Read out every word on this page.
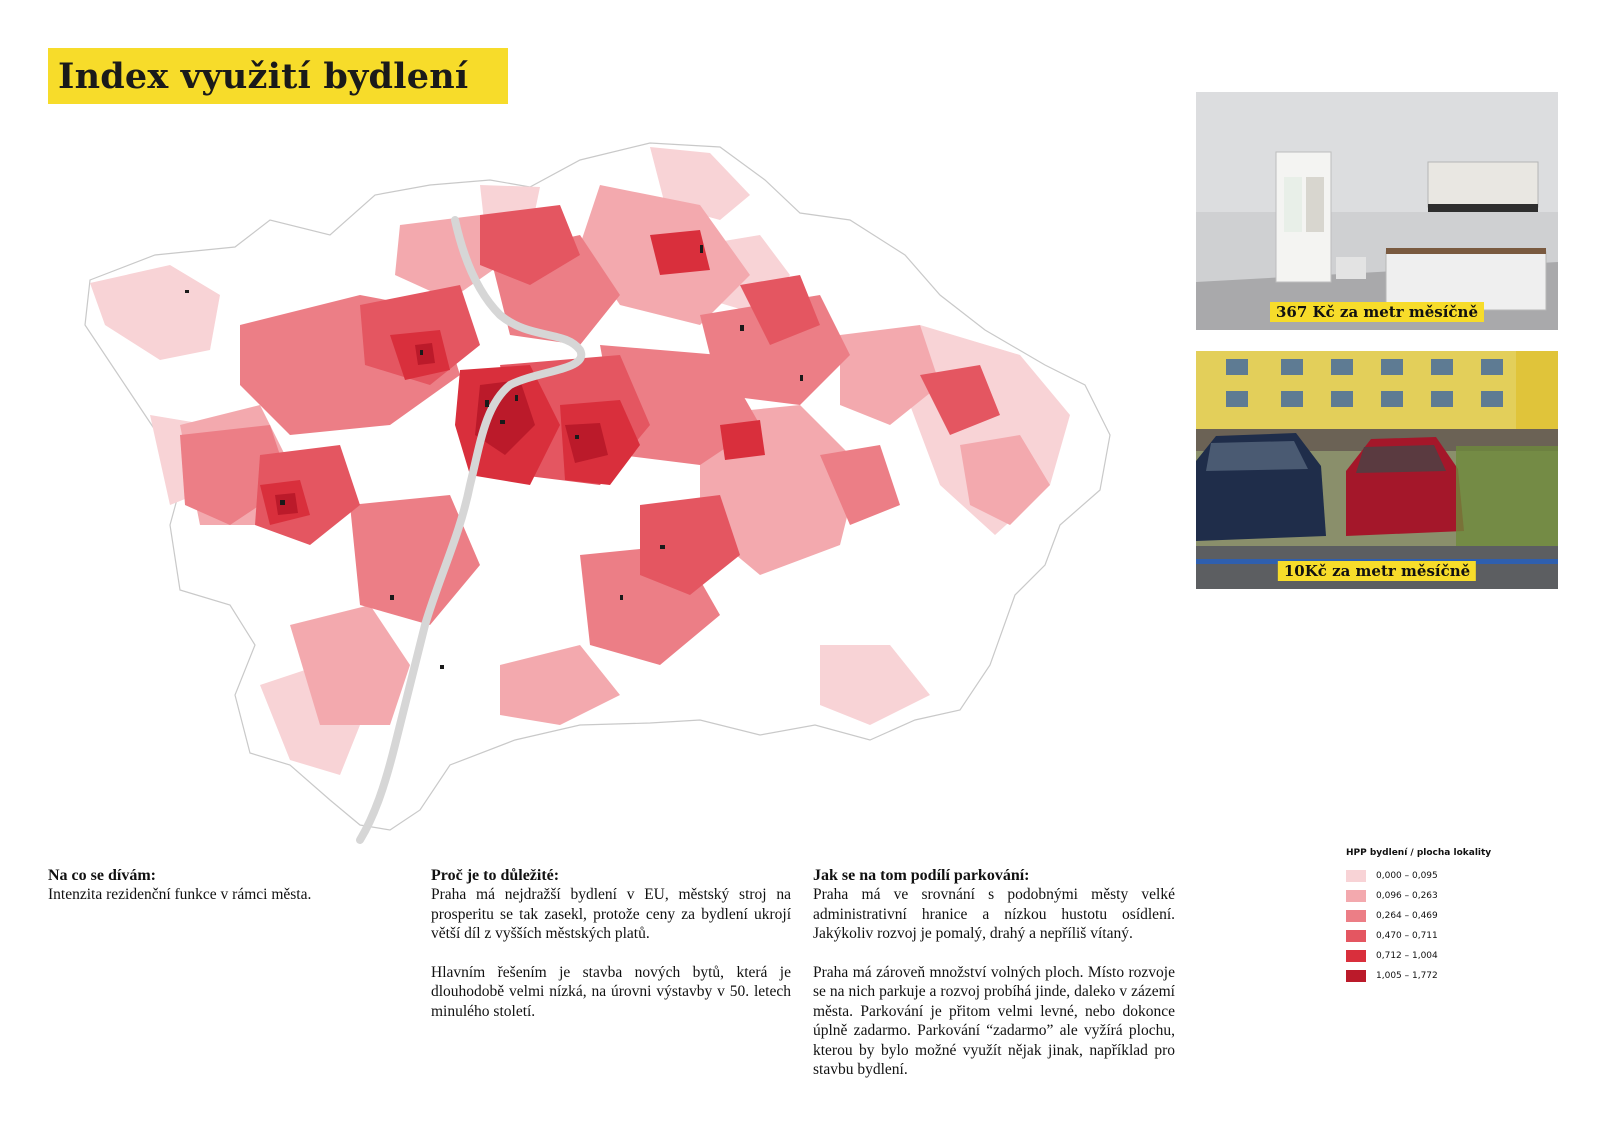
Index využití bydlení
367 Kč za metr měsíčně
10Kč za metr měsíčně
Na co se dívám:

Intenzita rezidenční funkce v rámci města.

Proč je to důležité:

Praha má nejdražší bydlení v EU, městský stroj na prosperitu se tak zasekl, protože ceny za bydlení ukrojí větší díl z vyšších městských platů.

Hlavním řešením je stavba nových bytů, která je dlouhodobě velmi nízká, na úrovni výstavby v 50. letech minulého století.

Jak se na tom podílí parkování:

Praha má ve srovnání s podobnými městy velké administrativní hranice a nízkou hustotu osídlení. Jakýkoliv rozvoj je pomalý, drahý a nepříliš vítaný.

Praha má zároveň množství volných ploch. Místo rozvoje se na nich parkuje a rozvoj probíhá jinde, daleko v zázemí města. Parkování je přitom velmi levné, nebo dokonce úplně zadarmo. Parkování “zadarmo” ale vyžírá plochu, kterou by bylo možné využít nějak jinak, například pro stavbu bydlení.

HPP bydlení / plocha lokality
0,000 – 0,095
0,096 – 0,263
0,264 – 0,469
0,470 – 0,711
0,712 – 1,004
1,005 – 1,772
